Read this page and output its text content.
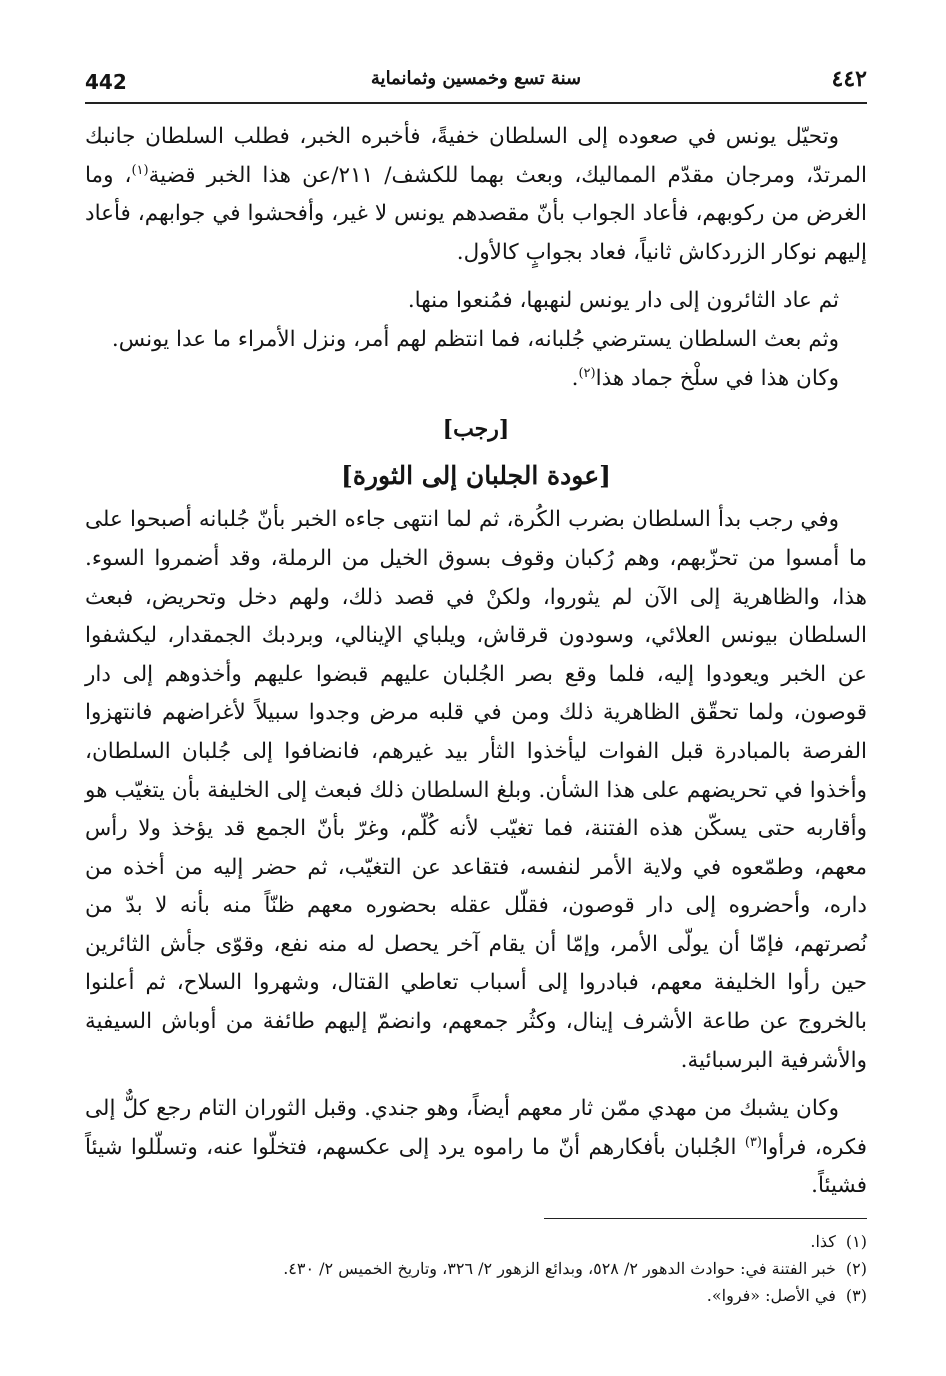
442	سنة تسع وخمسين وثمانماية	٤٤٢

وتحيّل يونس في صعوده إلى السلطان خفيةً، فأخبره الخبر، فطلب السلطان جانبك المرتدّ، ومرجان مقدّم المماليك، وبعث بهما للكشف/ ٢١١/عن هذا الخبر قضية$^{(١)}$، وما الغرض من ركوبهم، فأعاد الجواب بأنّ مقصدهم يونس لا غير، وأفحشوا في جوابهم، فأعاد إليهم نوكار الزردكاش ثانياً، فعاد بجوابٍ كالأول.

ثم عاد الثائرون إلى دار يونس لنهبها، فمُنعوا منها.

وثم بعث السلطان يسترضي جُلبانه، فما انتظم لهم أمر، ونزل الأمراء ما عدا يونس.

وكان هذا في سلْخ جماد هذا$^{(٢)}$.

[رجب]
[عودة الجلبان إلى الثورة]

وفي رجب بدأ السلطان بضرب الكُرة، ثم لما انتهى جاءه الخبر بأنّ جُلبانه أصبحوا على ما أمسوا من تحزّبهم، وهم رُكبان وقوف بسوق الخيل من الرملة، وقد أضمروا السوء. هذا، والظاهرية إلى الآن لم يثوروا، ولكنْ في قصد ذلك، ولهم دخل وتحريض، فبعث السلطان بيونس العلائي، وسودون قرقاش، ويلباي الإينالي، وبردبك الجمقدار، ليكشفوا عن الخبر ويعودوا إليه، فلما وقع بصر الجُلبان عليهم قبضوا عليهم وأخذوهم إلى دار قوصون، ولما تحقّق الظاهرية ذلك ومن في قلبه مرض وجدوا سبيلاً لأغراضهم فانتهزوا الفرصة بالمبادرة قبل الفوات ليأخذوا الثأر بيد غيرهم، فانضافوا إلى جُلبان السلطان، وأخذوا في تحريضهم على هذا الشأن. وبلغ السلطان ذلك فبعث إلى الخليفة بأن يتغيّب هو وأقاربه حتى يسكّن هذه الفتنة، فما تغيّب لأنه كُلّم، وغرّ بأنّ الجمع قد يؤخذ ولا رأس معهم، وطمّعوه في ولاية الأمر لنفسه، فتقاعد عن التغيّب، ثم حضر إليه من أخذه من داره، وأحضروه إلى دار قوصون، فقلّل عقله بحضوره معهم ظنّاً منه بأنه لا بدّ من نُصرتهم، فإمّا أن يولّى الأمر، وإمّا أن يقام آخر يحصل له منه نفع، وقوّى جأش الثائرين حين رأوا الخليفة معهم، فبادروا إلى أسباب تعاطي القتال، وشهروا السلاح، ثم أعلنوا بالخروج عن طاعة الأشرف إينال، وكثُر جمعهم، وانضمّ إليهم طائفة من أوباش السيفية والأشرفية البرسبائية.

وكان يشبك من مهدي ممّن ثار معهم أيضاً، وهو جندي. وقبل الثوران التام رجع كلٌّ إلى فكره، فرأوا$^{(٣)}$ الجُلبان بأفكارهم أنّ ما راموه يرد إلى عكسهم، فتخلّوا عنه، وتسلّلوا شيئاً فشيئاً.

(١)كذا.

(٢)خبر الفتنة في: حوادث الدهور ٢/ ٥٢٨، وبدائع الزهور ٢/ ٣٢٦، وتاريخ الخميس ٢/ ٤٣٠.

(٣)في الأصل: «فروا».
